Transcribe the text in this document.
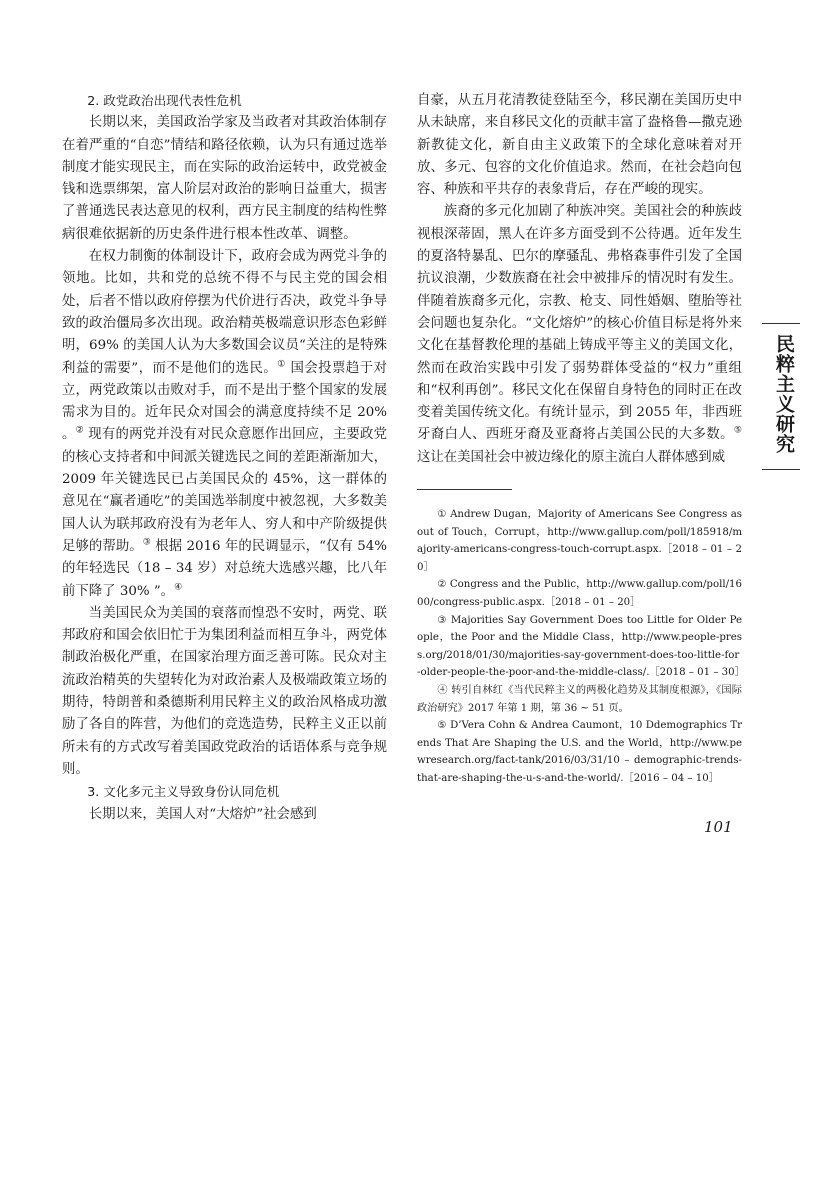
2. 政党政治出现代表性危机

长期以来，美国政治学家及当政者对其政治体制存在着严重的“自恋”情结和路径依赖，认为只有通过选举制度才能实现民主，而在实际的政治运转中，政党被金钱和选票绑架，富人阶层对政治的影响日益重大，损害了普通选民表达意见的权利，西方民主制度的结构性弊病很难依据新的历史条件进行根本性改革、调整。

在权力制衡的体制设计下，政府会成为两党斗争的领地。比如，共和党的总统不得不与民主党的国会相处，后者不惜以政府停摆为代价进行否决，政党斗争导致的政治僵局多次出现。政治精英极端意识形态色彩鲜明，69% 的美国人认为大多数国会议员“关注的是特殊利益的需要”，而不是他们的选民。① 国会投票趋于对立，两党政策以击败对手，而不是出于整个国家的发展需求为目的。近年民众对国会的满意度持续不足 20% 。② 现有的两党并没有对民众意愿作出回应，主要政党的核心支持者和中间派关键选民之间的差距渐渐加大，2009 年关键选民已占美国民众的 45%，这一群体的意见在“赢者通吃”的美国选举制度中被忽视，大多数美国人认为联邦政府没有为老年人、穷人和中产阶级提供足够的帮助。③ 根据 2016 年的民调显示，“仅有 54% 的年轻选民（18 – 34 岁）对总统大选感兴趣，比八年前下降了 30% ”。④

当美国民众为美国的衰落而惶恐不安时，两党、联邦政府和国会依旧忙于为集团利益而相互争斗，两党体制政治极化严重，在国家治理方面乏善可陈。民众对主流政治精英的失望转化为对政治素人及极端政策立场的期待，特朗普和桑德斯利用民粹主义的政治风格成功激励了各自的阵营，为他们的竞选造势，民粹主义正以前所未有的方式改写着美国政党政治的话语体系与竞争规则。

3. 文化多元主义导致身份认同危机

长期以来，美国人对“大熔炉”社会感到

自豪，从五月花清教徒登陆至今，移民潮在美国历史中从未缺席，来自移民文化的贡献丰富了盎格鲁—撒克逊新教徒文化，新自由主义政策下的全球化意味着对开放、多元、包容的文化价值追求。然而，在社会趋向包容、种族和平共存的表象背后，存在严峻的现实。

族裔的多元化加剧了种族冲突。美国社会的种族歧视根深蒂固，黑人在许多方面受到不公待遇。近年发生的夏洛特暴乱、巴尔的摩骚乱、弗格森事件引发了全国抗议浪潮，少数族裔在社会中被排斥的情况时有发生。伴随着族裔多元化，宗教、枪支、同性婚姻、堕胎等社会问题也复杂化。“文化熔炉”的核心价值目标是将外来文化在基督教伦理的基础上铸成平等主义的美国文化，然而在政治实践中引发了弱势群体受益的“权力”重组和“权利再创”。移民文化在保留自身特色的同时正在改变着美国传统文化。有统计显示，到 2055 年，非西班牙裔白人、西班牙裔及亚裔将占美国公民的大多数。⑤ 这让在美国社会中被边缘化的原主流白人群体感到威

① Andrew Dugan，Majority of Americans See Congress as out of Touch，Corrupt，http://www.gallup.com/poll/185918/majority-americans-congress-touch-corrupt.aspx.［2018 – 01 – 20］

② Congress and the Public，http://www.gallup.com/poll/1600/congress-public.aspx.［2018 – 01 – 20］

③ Majorities Say Government Does too Little for Older People，the Poor and the Middle Class，http://www.people-press.org/2018/01/30/majorities-say-government-does-too-little-for-older-people-the-poor-and-the-middle-class/.［2018 – 01 – 30］

④ 转引自林红《当代民粹主义的两极化趋势及其制度根源》，《国际政治研究》2017 年第 1 期，第 36 ~ 51 页。

⑤ D’Vera Cohn & Andrea Caumont，10 Ddemographics Trends That Are Shaping the U.S. and the World，http://www.pewresearch.org/fact-tank/2016/03/31/10 – demographic-trends-that-are-shaping-the-u-s-and-the-world/.［2016 – 04 – 10］

民粹主义研究
101
